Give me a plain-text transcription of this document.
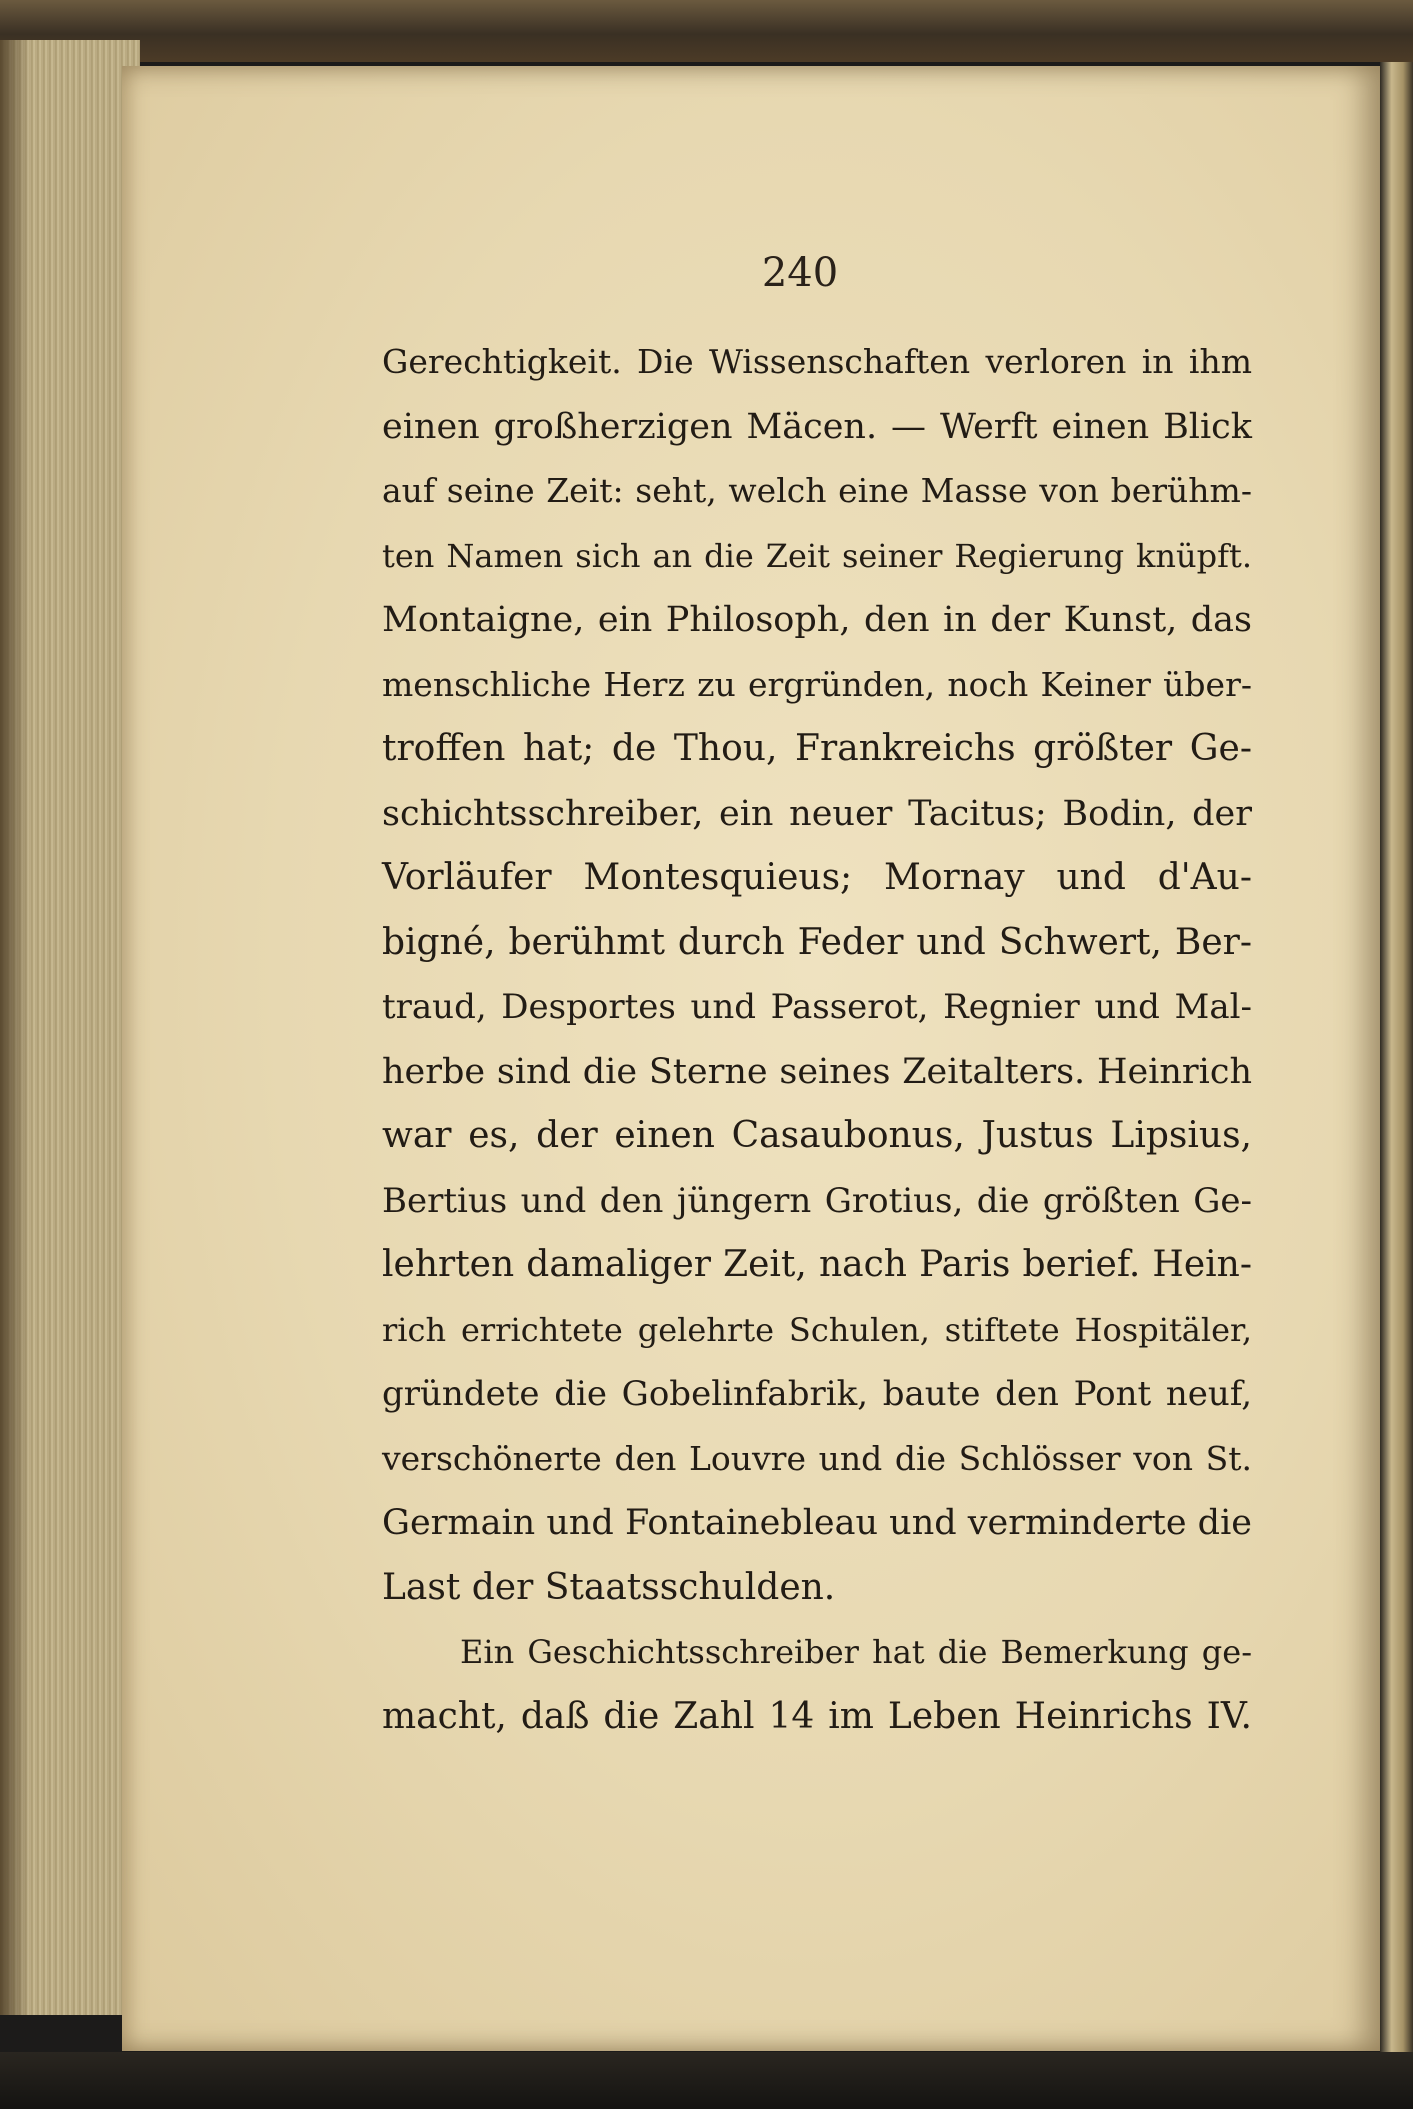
240
Gerechtigkeit. Die Wissenschaften verloren in ihm
einen großherzigen Mäcen. — Werft einen Blick
auf seine Zeit: seht, welch eine Masse von berühm-
ten Namen sich an die Zeit seiner Regierung knüpft.
Montaigne, ein Philosoph, den in der Kunst, das
menschliche Herz zu ergründen, noch Keiner über-
troffen hat; de Thou, Frankreichs größter Ge-
schichtsschreiber, ein neuer Tacitus; Bodin, der
Vorläufer Montesquieus; Mornay und d'Au-
bigné, berühmt durch Feder und Schwert, Ber-
traud, Desportes und Passerot, Regnier und Mal-
herbe sind die Sterne seines Zeitalters. Heinrich
war es, der einen Casaubonus, Justus Lipsius,
Bertius und den jüngern Grotius, die größten Ge-
lehrten damaliger Zeit, nach Paris berief. Hein-
rich errichtete gelehrte Schulen, stiftete Hospitäler,
gründete die Gobelinfabrik, baute den Pont neuf,
verschönerte den Louvre und die Schlösser von St.
Germain und Fontainebleau und verminderte die
Last der Staatsschulden.
Ein Geschichtsschreiber hat die Bemerkung ge-
macht, daß die Zahl 14 im Leben Heinrichs IV.
